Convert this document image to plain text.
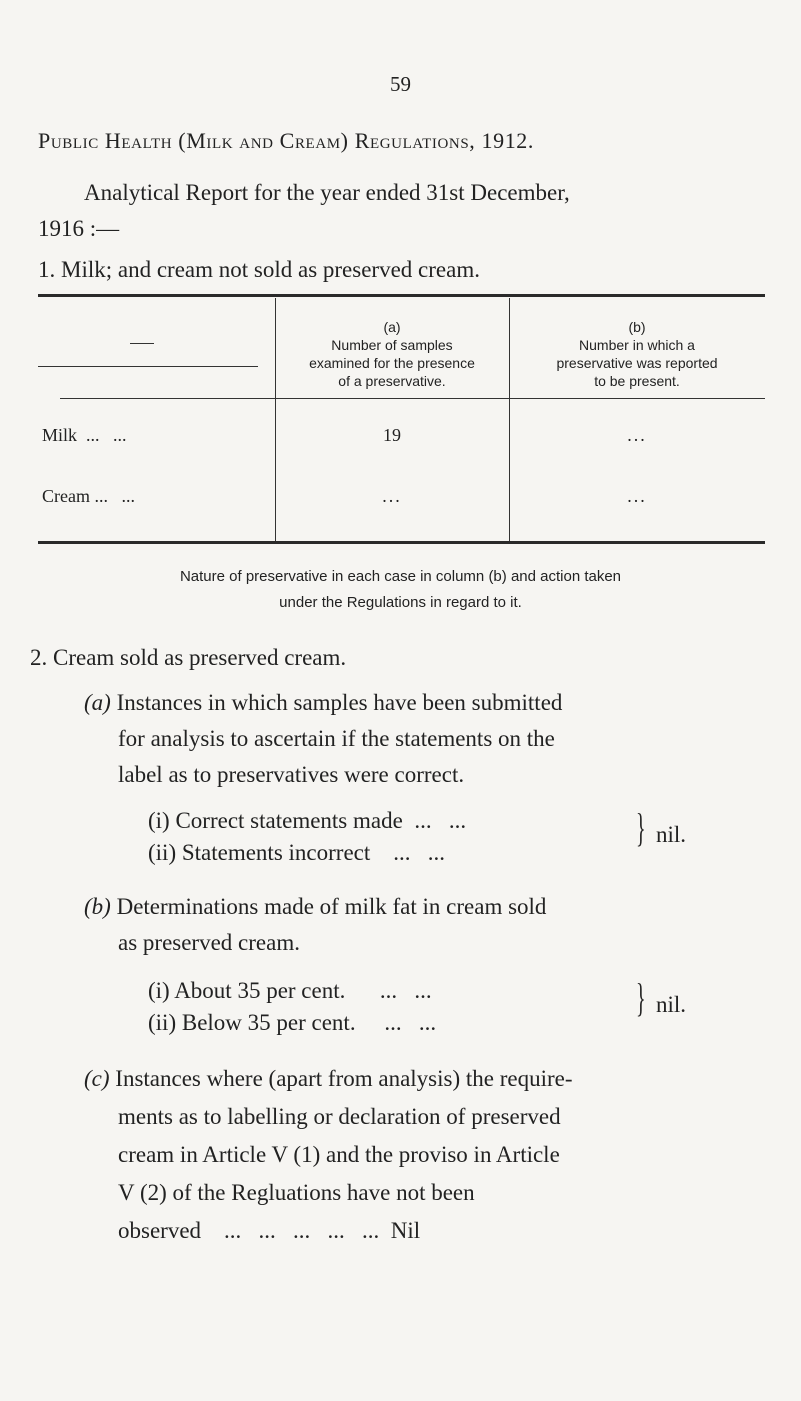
59
Public Health (Milk and Cream) Regulations, 1912.
Analytical Report for the year ended 31st December,
1916 :—
1. Milk; and cream not sold as preserved cream.
(a)
Number of samples
examined for the presence
of a preservative.
(b)
Number in which a
preservative was reported
to be present.
Milk  ...   ...	19	...
Cream ...   ...	...	...
Nature of preservative in each case in column (b) and action taken
under the Regulations in regard to it.
2. Cream sold as preserved cream.
(a) Instances in which samples have been submitted
for analysis to ascertain if the statements on the
label as to preservatives were correct.
(i) Correct statements made  ...   ...
(ii) Statements incorrect    ...   ...
} nil.
(b) Determinations made of milk fat in cream sold
as preserved cream.
(i) About 35 per cent.      ...   ...
(ii) Below 35 per cent.     ...   ...
} nil.
(c) Instances where (apart from analysis) the require-
ments as to labelling or declaration of preserved
cream in Article V (1) and the proviso in Article
V (2) of the Regluations have not been
observed    ...   ...   ...   ...   ...  Nil
